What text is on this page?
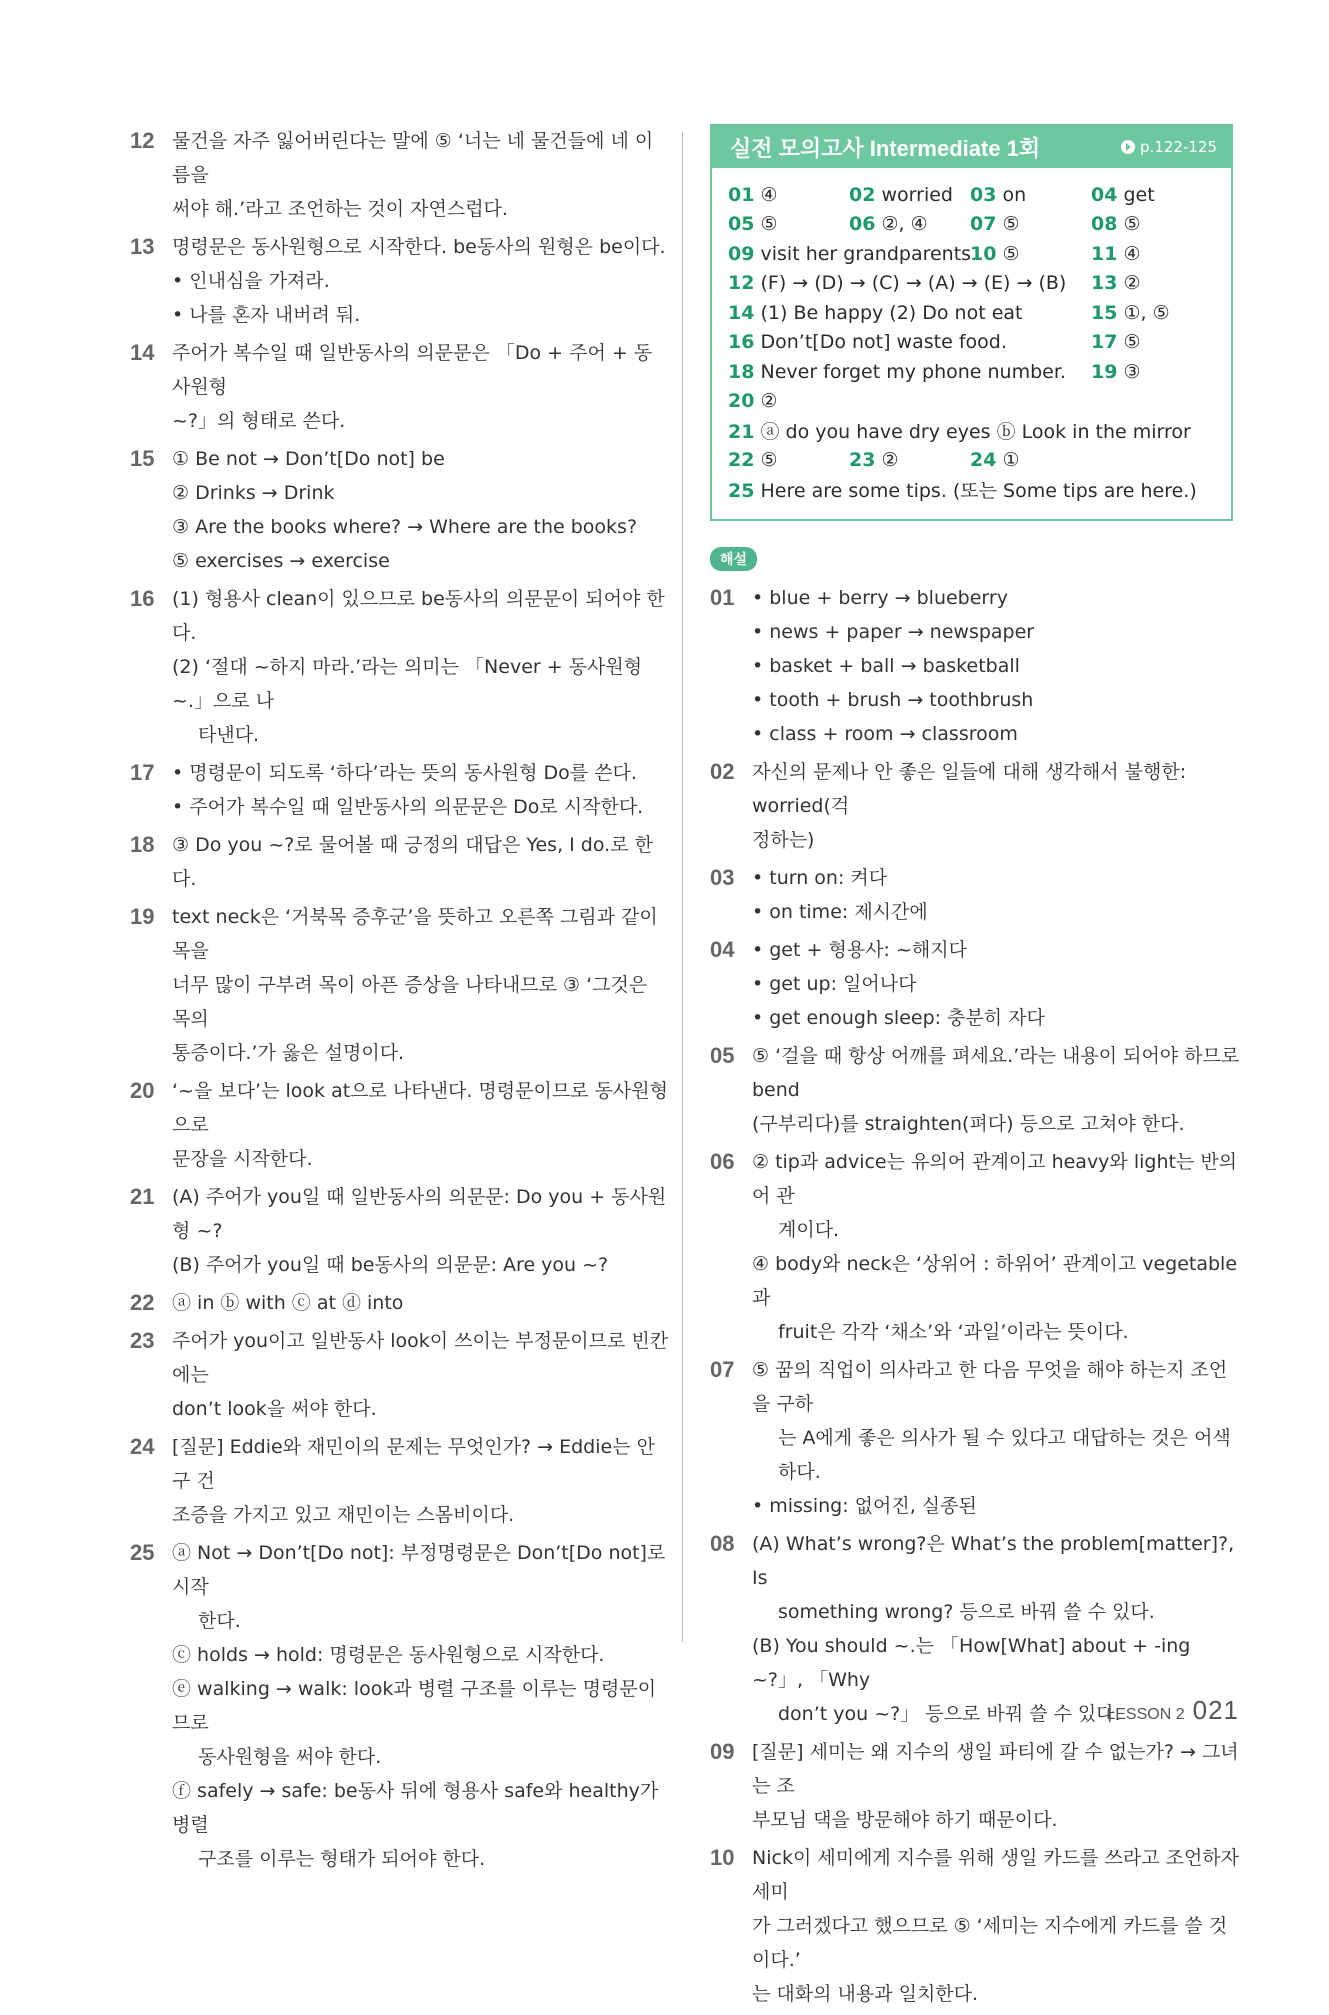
12 물건을 자주 잃어버린다는 말에 ⑤ ‘너는 네 물건들에 네 이름을
써야 해.’라고 조언하는 것이 자연스럽다.
13 명령문은 동사원형으로 시작한다. be동사의 원형은 be이다.
• 인내심을 가져라.
• 나를 혼자 내버려 둬.
14 주어가 복수일 때 일반동사의 의문문은 「Do + 주어 + 동사원형
~?」의 형태로 쓴다.
15 ① Be not → Don’t[Do not] be
② Drinks → Drink
③ Are the books where? → Where are the books?
⑤ exercises → exercise
16 (1) 형용사 clean이 있으므로 be동사의 의문문이 되어야 한다.
(2) ‘절대 ~하지 마라.’라는 의미는 「Never + 동사원형 ~.」으로 나
타낸다.
17 • 명령문이 되도록 ‘하다’라는 뜻의 동사원형 Do를 쓴다.
• 주어가 복수일 때 일반동사의 의문문은 Do로 시작한다.
18 ③ Do you ~?로 물어볼 때 긍정의 대답은 Yes, I do.로 한다.
19 text neck은 ‘거북목 증후군’을 뜻하고 오른쪽 그림과 같이 목을
너무 많이 구부려 목이 아픈 증상을 나타내므로 ③ ‘그것은 목의
통증이다.’가 옳은 설명이다.
20 ‘~을 보다’는 look at으로 나타낸다. 명령문이므로 동사원형으로
문장을 시작한다.
21 (A) 주어가 you일 때 일반동사의 의문문: Do you + 동사원형 ~?
(B) 주어가 you일 때 be동사의 의문문: Are you ~?
22 ⓐ in ⓑ with ⓒ at ⓓ into
23 주어가 you이고 일반동사 look이 쓰이는 부정문이므로 빈칸에는
don’t look을 써야 한다.
24 [질문] Eddie와 재민이의 문제는 무엇인가? → Eddie는 안구 건
조증을 가지고 있고 재민이는 스몸비이다.
25 ⓐ Not → Don’t[Do not]: 부정명령문은 Don’t[Do not]로 시작
한다.
ⓒ holds → hold: 명령문은 동사원형으로 시작한다.
ⓔ walking → walk: look과 병렬 구조를 이루는 명령문이므로
동사원형을 써야 한다.
ⓕ safely → safe: be동사 뒤에 형용사 safe와 healthy가 병렬
구조를 이루는 형태가 되어야 한다.
실전 모의고사 Intermediate 1회	p.122-125
01 ④	02 worried 03 on	04 get
05 ⑤	06 ②, ④	07 ⑤	08 ⑤
09 visit her grandparents
10 ⑤	11 ④
12 (F) → (D) → (C) → (A) → (E) → (B)	13 ②
14 (1) Be happy (2) Do not eat	15 ①, ⑤
16 Don’t[Do not] waste food.	17 ⑤
18 Never forget my phone number.	19 ③
20 ②
21 ⓐ do you have dry eyes ⓑ Look in the mirror
22 ⑤	23 ②	24 ①
25 Here are some tips. (또는 Some tips are here.)
해설
01 • blue + berry → blueberry
• news + paper → newspaper
• basket + ball → basketball
• tooth + brush → toothbrush
• class + room → classroom
02 자신의 문제나 안 좋은 일들에 대해 생각해서 불행한: worried(걱
정하는)
03 • turn on: 켜다
• on time: 제시간에
04 • get + 형용사: ~해지다
• get up: 일어나다
• get enough sleep: 충분히 자다
05 ⑤ ‘걸을 때 항상 어깨를 펴세요.’라는 내용이 되어야 하므로 bend
(구부리다)를 straighten(펴다) 등으로 고쳐야 한다.
06 ② tip과 advice는 유의어 관계이고 heavy와 light는 반의어 관
계이다.
④ body와 neck은 ‘상위어 : 하위어’ 관계이고 vegetable과
fruit은 각각 ‘채소’와 ‘과일’이라는 뜻이다.
07 ⑤ 꿈의 직업이 의사라고 한 다음 무엇을 해야 하는지 조언을 구하
는 A에게 좋은 의사가 될 수 있다고 대답하는 것은 어색하다.
• missing: 없어진, 실종된
08 (A) What’s wrong?은 What’s the problem[matter]?, Is
something wrong? 등으로 바꿔 쓸 수 있다.
(B) You should ~.는 「How[What] about + -ing ~?」, 「Why
don’t you ~?」 등으로 바꿔 쓸 수 있다.
09 [질문] 세미는 왜 지수의 생일 파티에 갈 수 없는가? → 그녀는 조
부모님 댁을 방문해야 하기 때문이다.
10 Nick이 세미에게 지수를 위해 생일 카드를 쓰라고 조언하자 세미
가 그러겠다고 했으므로 ⑤ ‘세미는 지수에게 카드를 쓸 것이다.’
는 대화의 내용과 일치한다.
LESSON 2 021
